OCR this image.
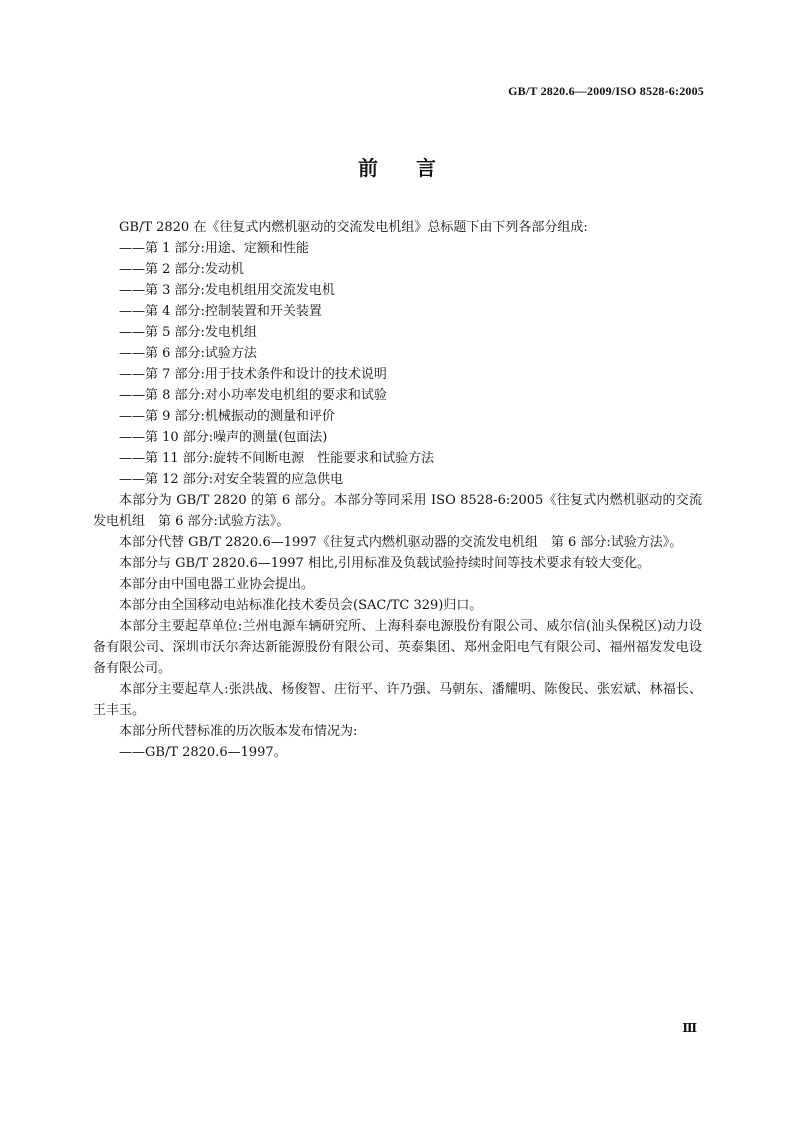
GB/T 2820.6—2009/ISO 8528-6:2005
前言

GB/T 2820 在《往复式内燃机驱动的交流发电机组》总标题下由下列各部分组成:

——第 1 部分:用途、定额和性能
——第 2 部分:发动机
——第 3 部分:发电机组用交流发电机
——第 4 部分:控制装置和开关装置
——第 5 部分:发电机组
——第 6 部分:试验方法
——第 7 部分:用于技术条件和设计的技术说明
——第 8 部分:对小功率发电机组的要求和试验
——第 9 部分:机械振动的测量和评价
——第 10 部分:噪声的测量(包面法)
——第 11 部分:旋转不间断电源　性能要求和试验方法
——第 12 部分:对安全装置的应急供电

本部分为 GB/T 2820 的第 6 部分。本部分等同采用 ISO 8528-6:2005《往复式内燃机驱动的交流发电机组　第 6 部分:试验方法》。

本部分代替 GB/T 2820.6—1997《往复式内燃机驱动器的交流发电机组　第 6 部分:试验方法》。

本部分与 GB/T 2820.6—1997 相比,引用标准及负载试验持续时间等技术要求有较大变化。

本部分由中国电器工业协会提出。

本部分由全国移动电站标准化技术委员会(SAC/TC 329)归口。

本部分主要起草单位:兰州电源车辆研究所、上海科泰电源股份有限公司、威尔信(汕头保税区)动力设备有限公司、深圳市沃尔奔达新能源股份有限公司、英泰集团、郑州金阳电气有限公司、福州福发发电设备有限公司。

本部分主要起草人:张洪战、杨俊智、庄衍平、许乃强、马朝东、潘耀明、陈俊民、张宏斌、林福长、王丰玉。

本部分所代替标准的历次版本发布情况为:

——GB/T 2820.6—1997。
Ⅲ
